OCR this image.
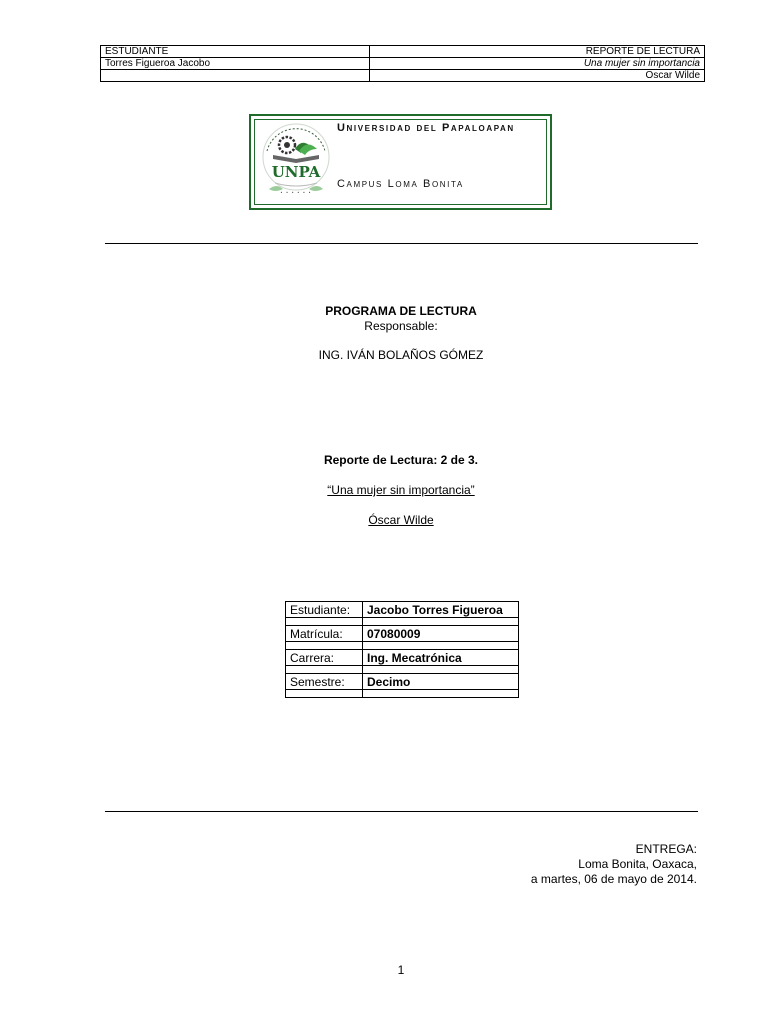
ESTUDIANTE	REPORTE DE LECTURA
Torres Figueroa Jacobo	Una mujer sin importancia
	Oscar Wilde
UNPA
• • • • • •
Universidad del Papaloapan
Campus Loma Bonita
PROGRAMA DE LECTURA
Responsable:
ING. IVÁN BOLAÑOS GÓMEZ
Reporte de Lectura: 2 de 3.
“Una mujer sin importancia”
Óscar Wilde
Estudiante:	Jacobo Torres Figueroa

Matrícula:	07080009

Carrera:	Ing. Mecatrónica

Semestre:	Decimo

ENTREGA:
Loma Bonita, Oaxaca,
a martes, 06 de mayo de 2014.
1
